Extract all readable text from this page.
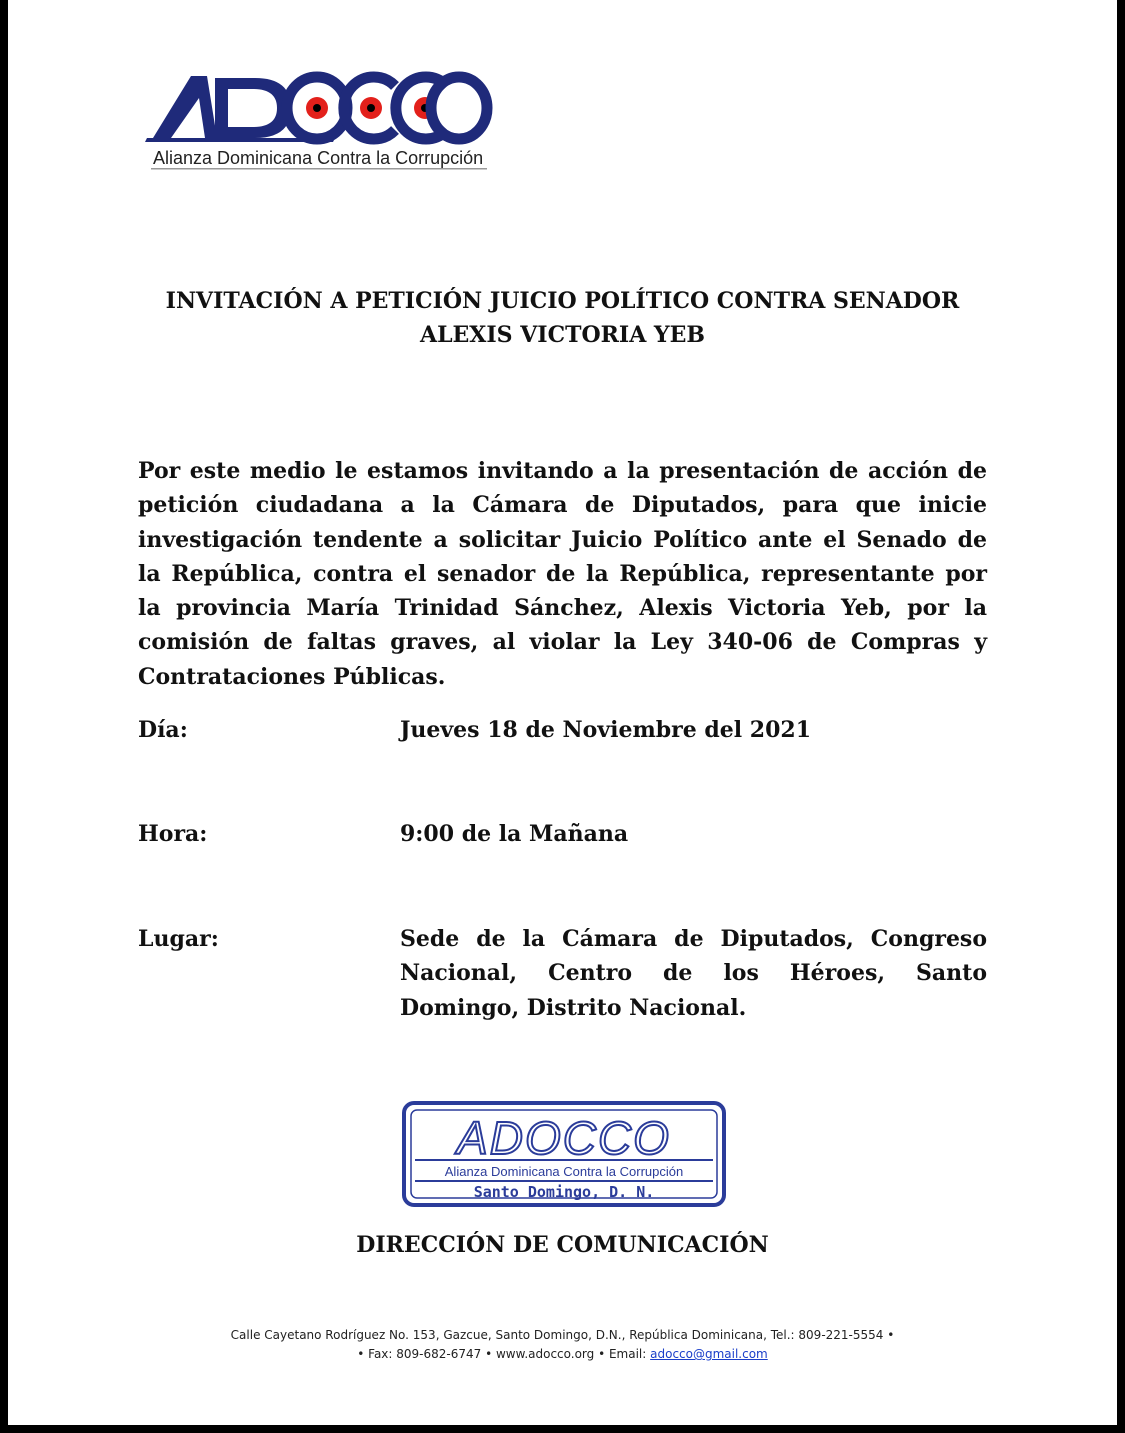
Alianza Dominicana Contra la Corrupción
INVITACIÓN A PETICIÓN JUICIO POLÍTICO CONTRA SENADOR
ALEXIS VICTORIA YEB
Por este medio le estamos invitando a la presentación de acción de petición ciudadana a la Cámara de Diputados, para que inicie investigación tendente a solicitar Juicio Político ante el Senado de la República, contra el senador de la República, representante por la provincia María Trinidad Sánchez, Alexis Victoria Yeb, por la comisión de faltas graves, al violar la Ley 340-06 de Compras y Contrataciones Públicas.
Día:	Jueves 18 de Noviembre del 2021
Hora:	9:00 de la Mañana
Lugar:	Sede de la Cámara de Diputados, Congreso Nacional, Centro de los Héroes, Santo Domingo, Distrito Nacional.
ADOCCO
Alianza Dominicana Contra la Corrupción
Santo Domingo, D. N.
DIRECCIÓN DE COMUNICACIÓN
Calle Cayetano Rodríguez No. 153, Gazcue, Santo Domingo, D.N., República Dominicana, Tel.: 809-221-5554 •
• Fax: 809-682-6747 • www.adocco.org • Email: adocco@gmail.com
